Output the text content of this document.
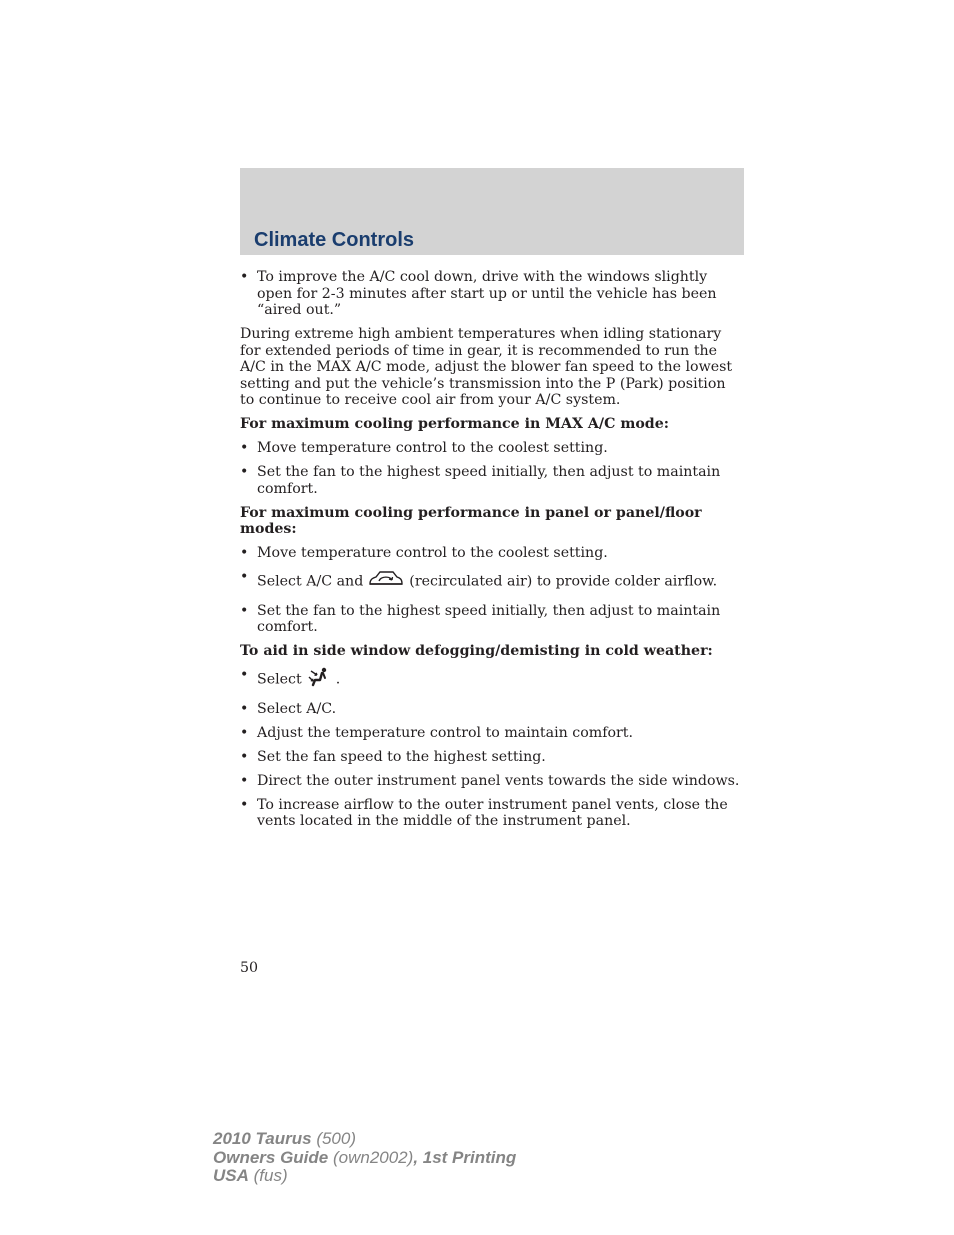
Climate Controls
• To improve the A/C cool down, drive with the windows slightly open for 2-3 minutes after start up or until the vehicle has been “aired out.”

During extreme high ambient temperatures when idling stationary for extended periods of time in gear, it is recommended to run the A/C in the MAX A/C mode, adjust the blower fan speed to the lowest setting and put the vehicle’s transmission into the P (Park) position to continue to receive cool air from your A/C system.

For maximum cooling performance in MAX A/C mode:

• Move temperature control to the coolest setting.
• Set the fan to the highest speed initially, then adjust to maintain comfort.

For maximum cooling performance in panel or panel/floor modes:

• Move temperature control to the coolest setting.
• Select A/C and	(recirculated air) to provide colder airflow.
• Set the fan to the highest speed initially, then adjust to maintain comfort.

To aid in side window defogging/demisting in cold weather:

• Select .
• Select A/C.
• Adjust the temperature control to maintain comfort.
• Set the fan speed to the highest setting.
• Direct the outer instrument panel vents towards the side windows.
• To increase airflow to the outer instrument panel vents, close the vents located in the middle of the instrument panel.
50
2010 Taurus (500)
Owners Guide (own2002), 1st Printing
USA (fus)
